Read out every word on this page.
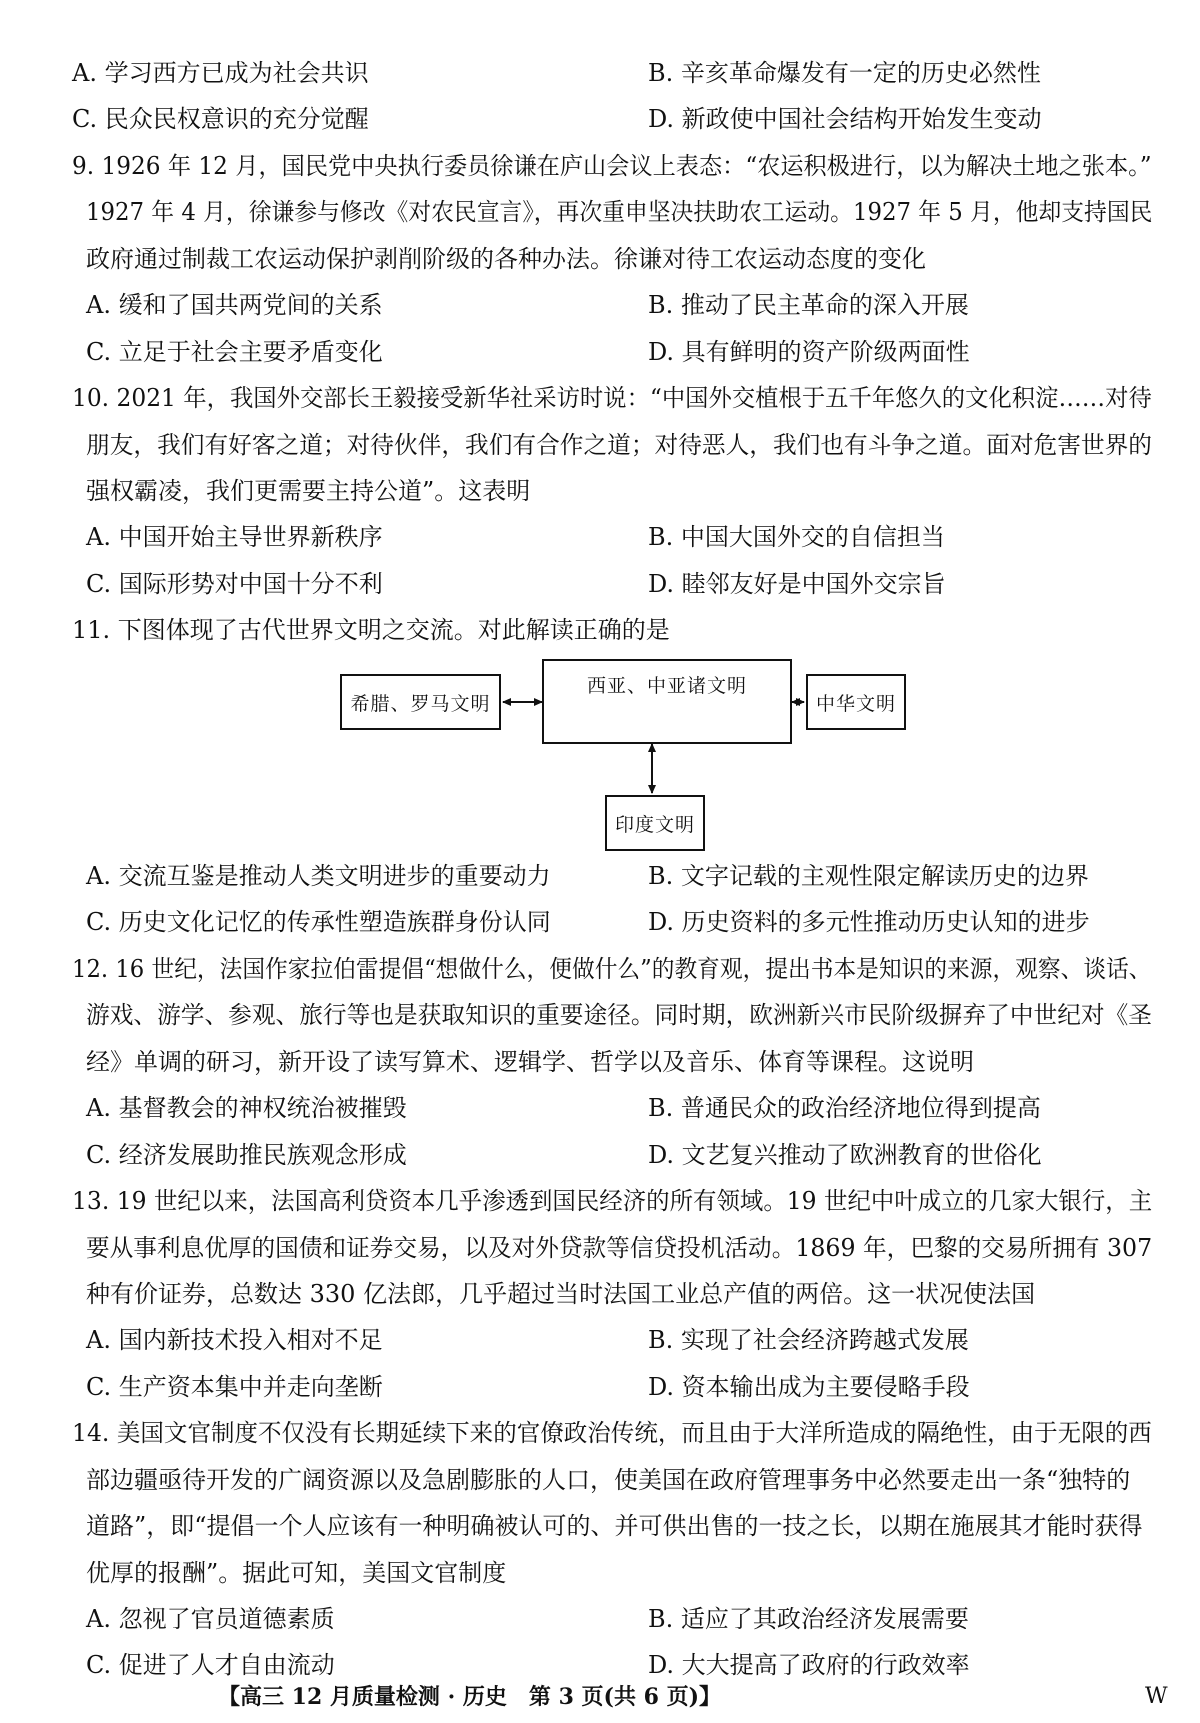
A. 学习西方已成为社会共识	B. 辛亥革命爆发有一定的历史必然性
C. 民众民权意识的充分觉醒	D. 新政使中国社会结构开始发生变动
9. 1926 年 12 月，国民党中央执行委员徐谦在庐山会议上表态：“农运积极进行，以为解决土地之张本。”
1927 年 4 月，徐谦参与修改《对农民宣言》，再次重申坚决扶助农工运动。1927 年 5 月，他却支持国民
政府通过制裁工农运动保护剥削阶级的各种办法。徐谦对待工农运动态度的变化
A. 缓和了国共两党间的关系	B. 推动了民主革命的深入开展
C. 立足于社会主要矛盾变化	D. 具有鲜明的资产阶级两面性
10. 2021 年，我国外交部长王毅接受新华社采访时说：“中国外交植根于五千年悠久的文化积淀……对待
朋友，我们有好客之道；对待伙伴，我们有合作之道；对待恶人，我们也有斗争之道。面对危害世界的
强权霸凌，我们更需要主持公道”。这表明
A. 中国开始主导世界新秩序	B. 中国大国外交的自信担当
C. 国际形势对中国十分不利	D. 睦邻友好是中国外交宗旨
11. 下图体现了古代世界文明之交流。对此解读正确的是
希腊、罗马文明
西亚、中亚诸文明
中华文明
印度文明
A. 交流互鉴是推动人类文明进步的重要动力	B. 文字记载的主观性限定解读历史的边界
C. 历史文化记忆的传承性塑造族群身份认同	D. 历史资料的多元性推动历史认知的进步
12. 16 世纪，法国作家拉伯雷提倡“想做什么，便做什么”的教育观，提出书本是知识的来源，观察、谈话、
游戏、游学、参观、旅行等也是获取知识的重要途径。同时期，欧洲新兴市民阶级摒弃了中世纪对《圣
经》单调的研习，新开设了读写算术、逻辑学、哲学以及音乐、体育等课程。这说明
A. 基督教会的神权统治被摧毁	B. 普通民众的政治经济地位得到提高
C. 经济发展助推民族观念形成	D. 文艺复兴推动了欧洲教育的世俗化
13. 19 世纪以来，法国高利贷资本几乎渗透到国民经济的所有领域。19 世纪中叶成立的几家大银行，主
要从事利息优厚的国债和证券交易，以及对外贷款等信贷投机活动。1869 年，巴黎的交易所拥有 307
种有价证券，总数达 330 亿法郎，几乎超过当时法国工业总产值的两倍。这一状况使法国
A. 国内新技术投入相对不足	B. 实现了社会经济跨越式发展
C. 生产资本集中并走向垄断	D. 资本输出成为主要侵略手段
14. 美国文官制度不仅没有长期延续下来的官僚政治传统，而且由于大洋所造成的隔绝性，由于无限的西
部边疆亟待开发的广阔资源以及急剧膨胀的人口，使美国在政府管理事务中必然要走出一条“独特的
道路”，即“提倡一个人应该有一种明确被认可的、并可供出售的一技之长，以期在施展其才能时获得
优厚的报酬”。据此可知，美国文官制度
A. 忽视了官员道德素质	B. 适应了其政治经济发展需要
C. 促进了人才自由流动	D. 大大提高了政府的行政效率
【高三 12 月质量检测 · 历史　第 3 页(共 6 页)】	W
